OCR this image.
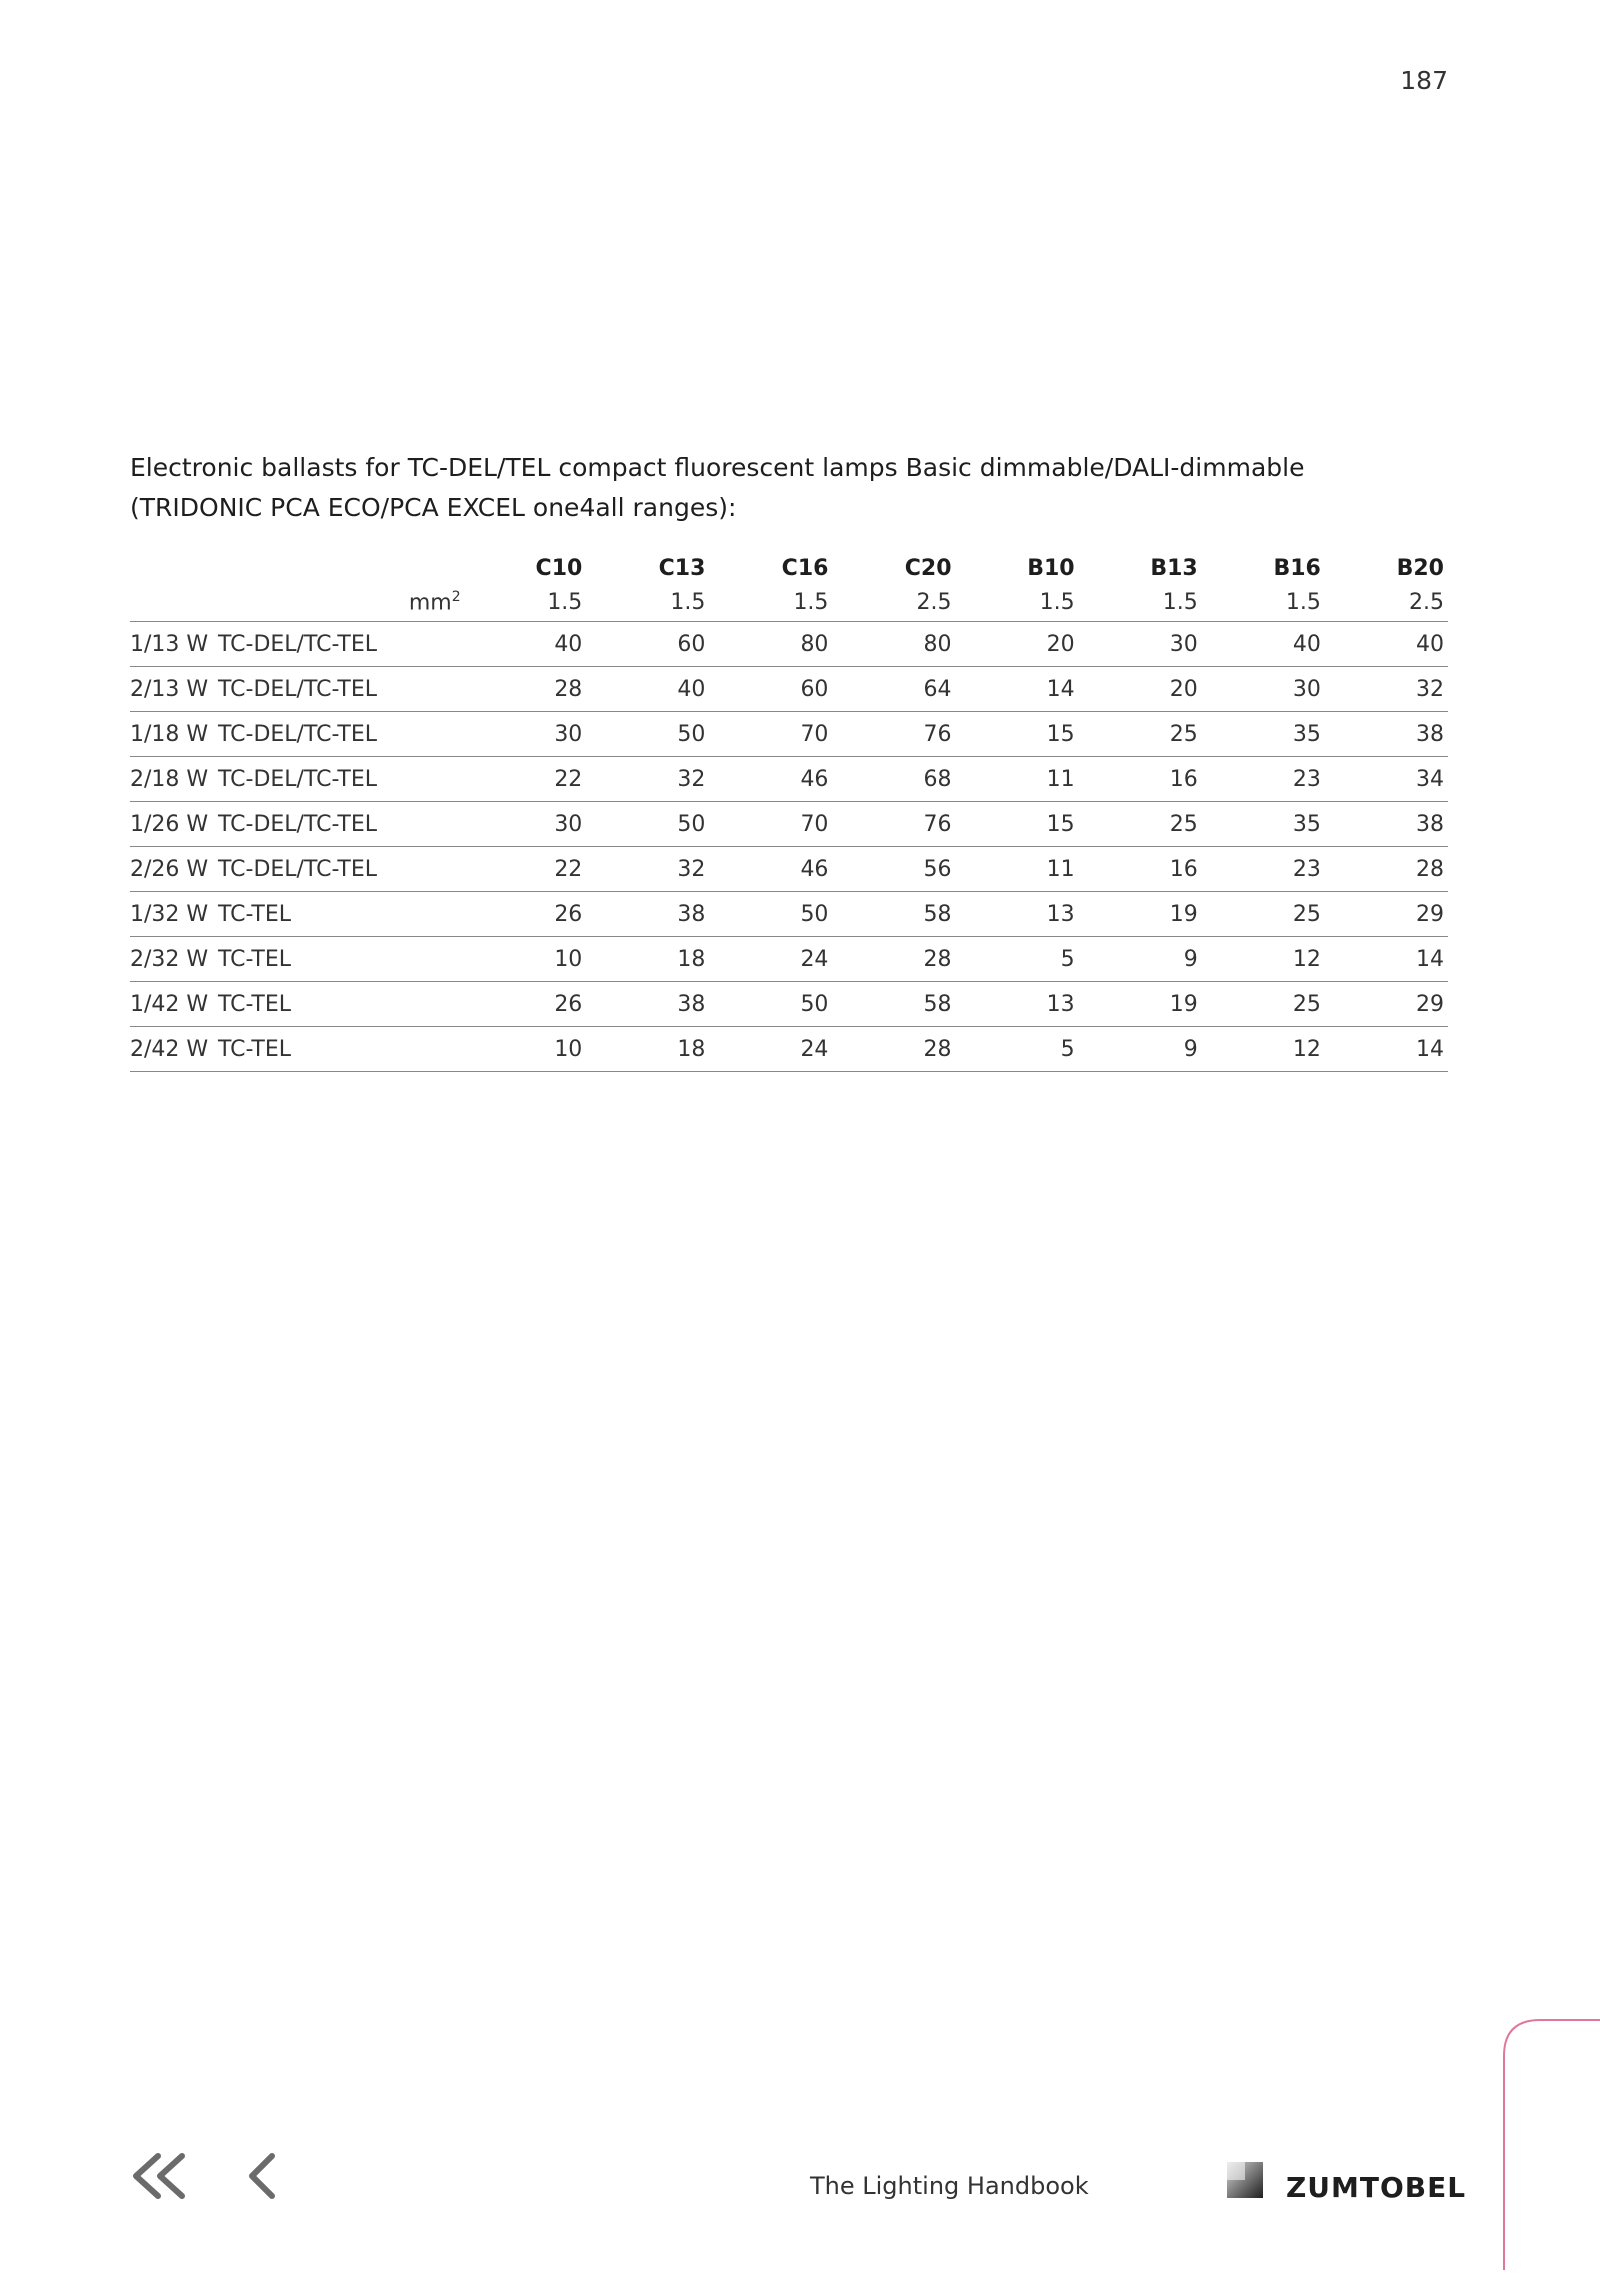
187
Electronic ballasts for TC-DEL/TEL compact fluorescent lamps Basic dimmable/DALI-dimmable
(TRIDONIC PCA ECO/PCA EXCEL one4all ranges):
	C10	C13	C16	C20	B10	B13	B16	B20
$mm^2$	1.5	1.5	1.5	2.5	1.5	1.5	1.5	2.5
1/13 W TC-DEL/TC-TEL	40	60	80	80	20	30	40	40
2/13 W TC-DEL/TC-TEL	28	40	60	64	14	20	30	32
1/18 W TC-DEL/TC-TEL	30	50	70	76	15	25	35	38
2/18 W TC-DEL/TC-TEL	22	32	46	68	11	16	23	34
1/26 W TC-DEL/TC-TEL	30	50	70	76	15	25	35	38
2/26 W TC-DEL/TC-TEL	22	32	46	56	11	16	23	28
1/32 W TC-TEL	26	38	50	58	13	19	25	29
2/32 W TC-TEL	10	18	24	28	5	9	12	14
1/42 W TC-TEL	26	38	50	58	13	19	25	29
2/42 W TC-TEL	10	18	24	28	5	9	12	14
The Lighting Handbook	ZUMTOBEL
